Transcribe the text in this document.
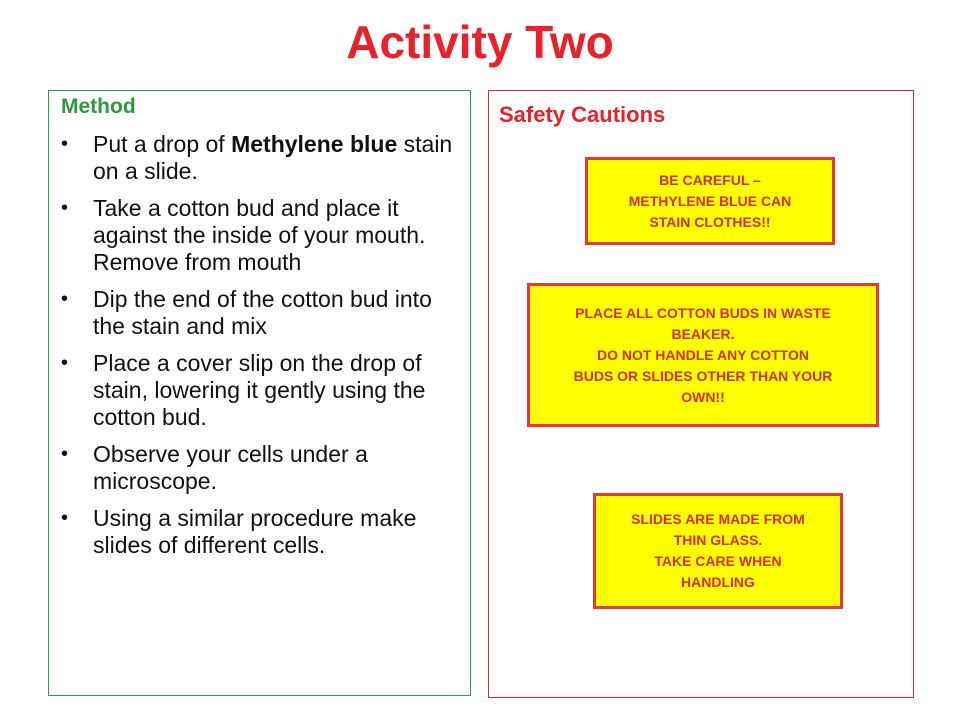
Activity Two
Method
• Put a drop of Methylene blue stain on a slide.
• Take a cotton bud and place it against the inside of your mouth. Remove from mouth
• Dip the end of the cotton bud into the stain and mix
• Place a cover slip on the drop of stain, lowering it gently using the cotton bud.
• Observe your cells under a microscope.
• Using a similar procedure make slides of different cells.
Safety Cautions
BE CAREFUL –
METHYLENE BLUE CAN
STAIN CLOTHES!!
PLACE ALL COTTON BUDS IN WASTE
BEAKER.
DO NOT HANDLE ANY COTTON
BUDS OR SLIDES OTHER THAN YOUR
OWN!!
SLIDES ARE MADE FROM
THIN GLASS.
TAKE CARE WHEN
HANDLING
